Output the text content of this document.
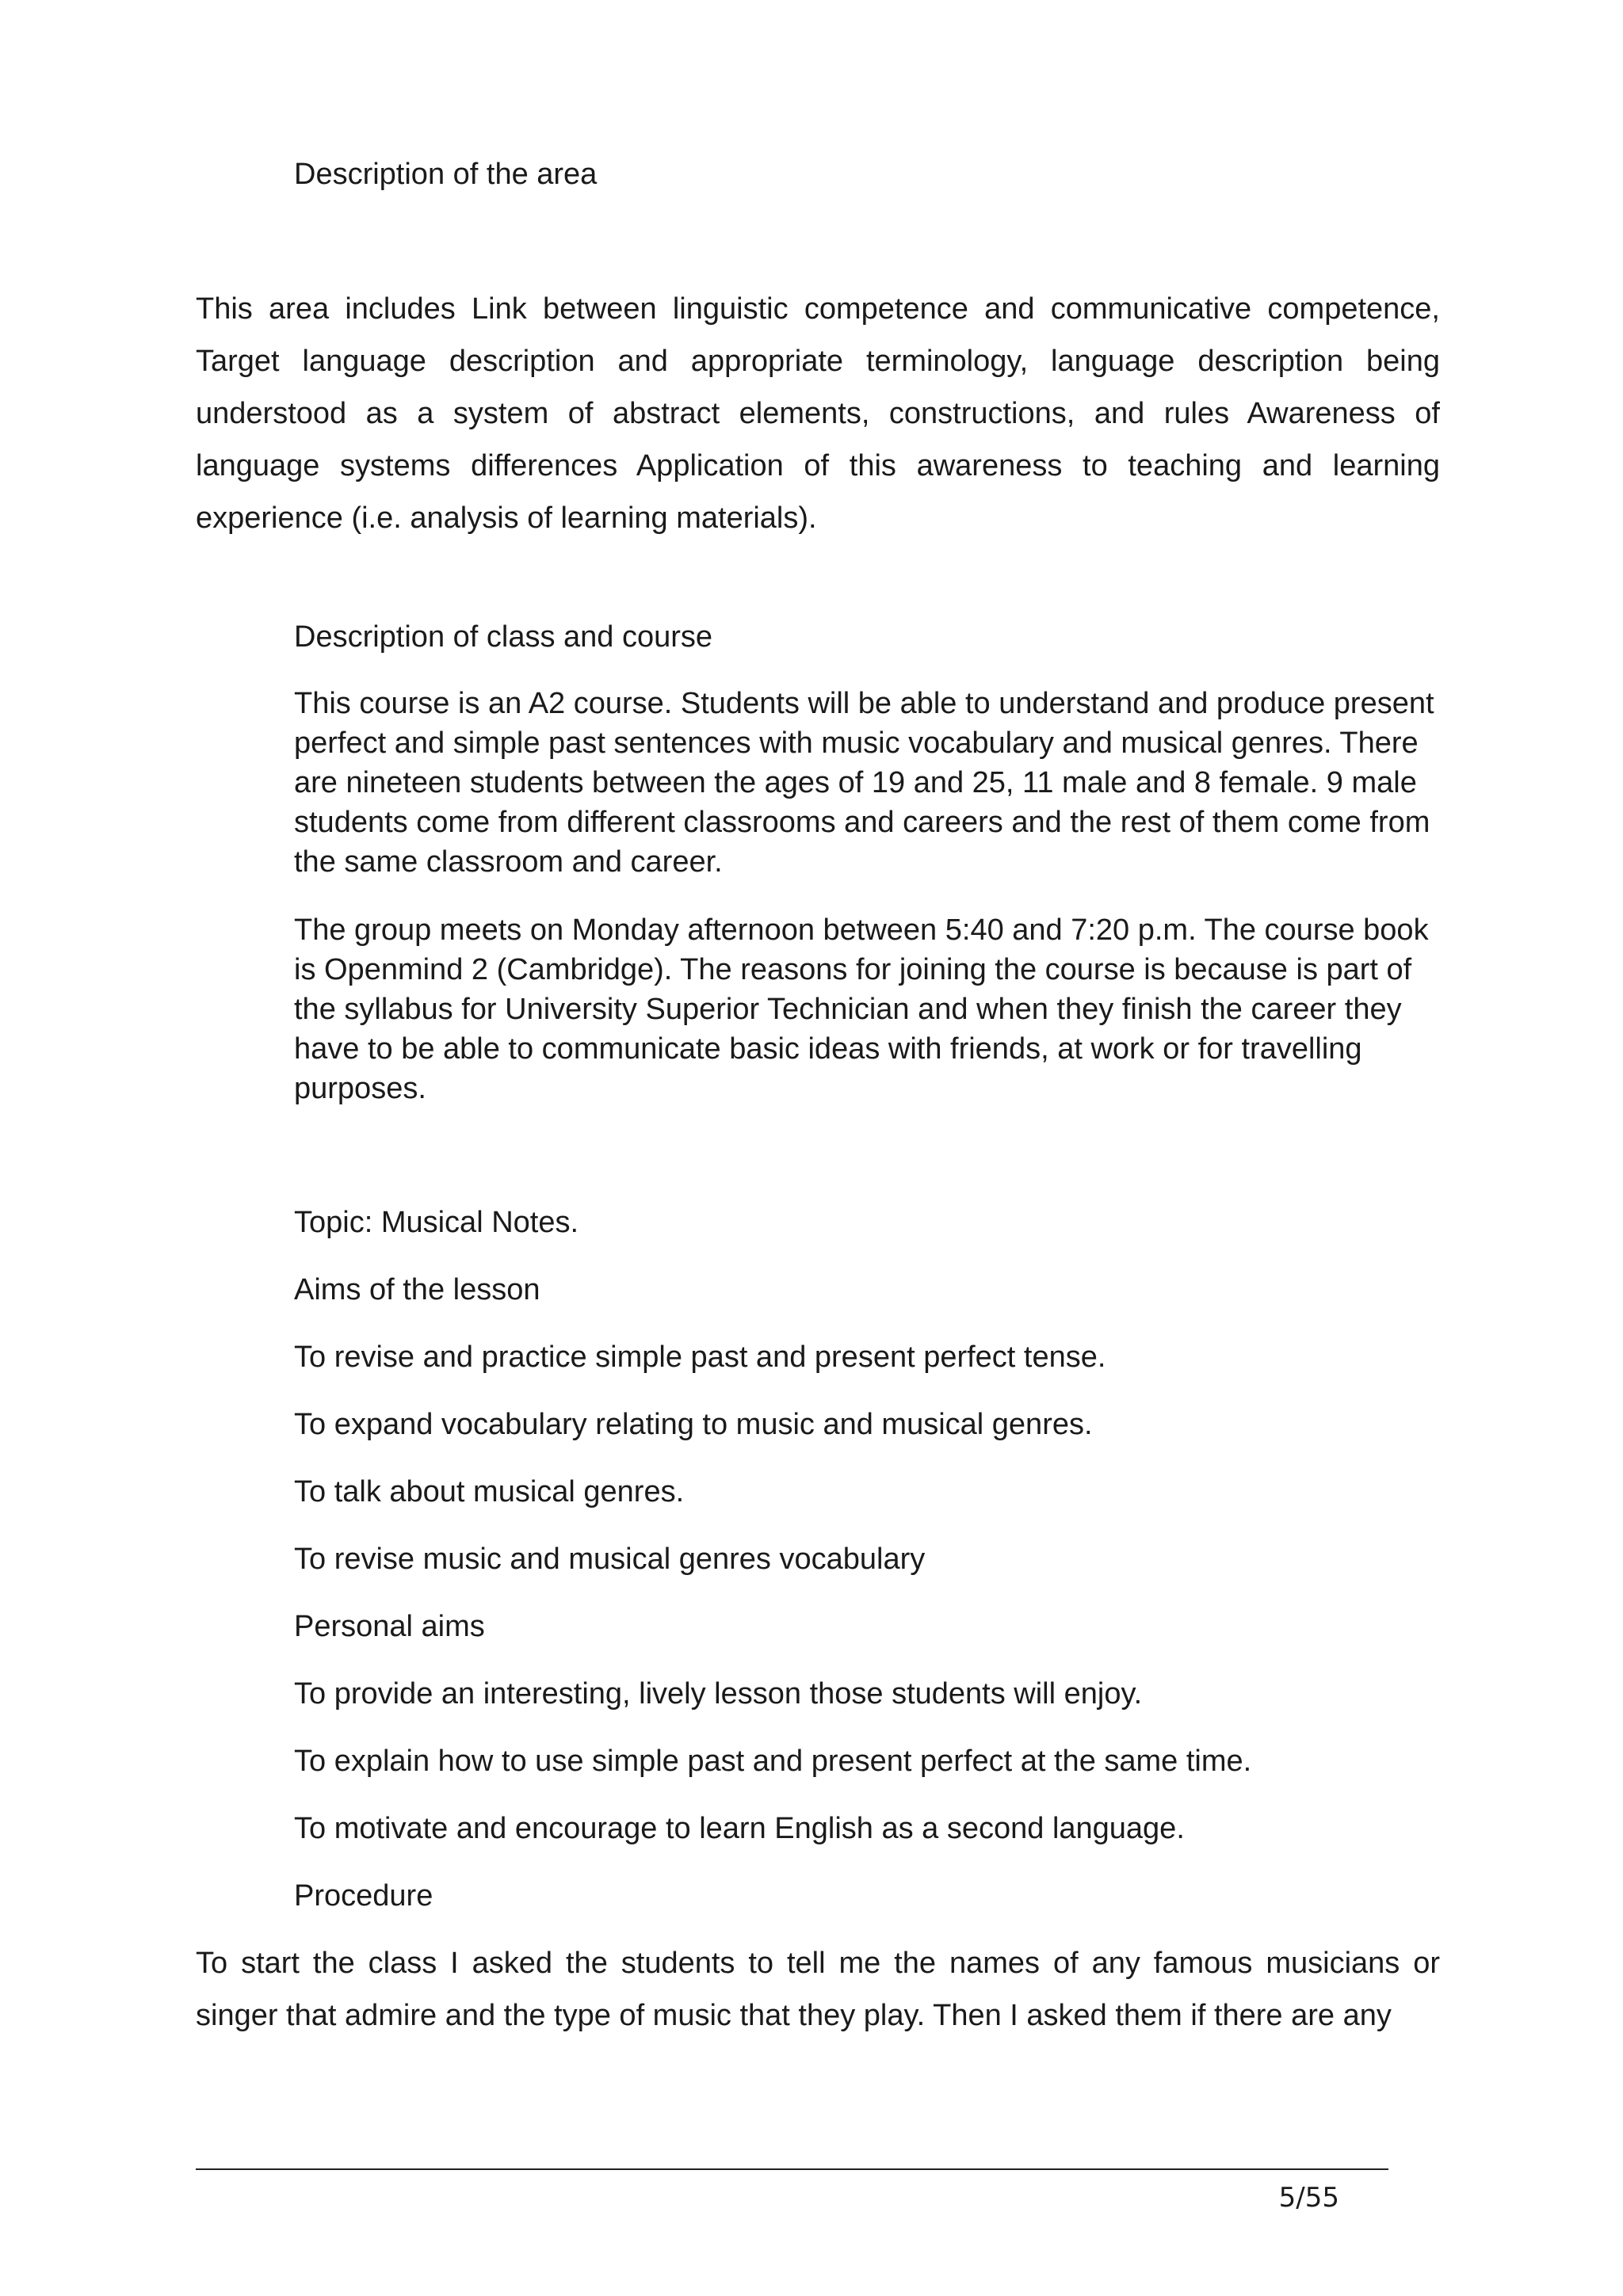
Description of the area

This area includes Link between linguistic competence and communicative competence, Target language description and appropriate terminology, language description being understood as a system of abstract elements, constructions, and rules Awareness of language systems differences Application of this awareness to teaching and learning experience (i.e. analysis of learning materials).

Description of class and course

This course is an A2 course. Students will be able to understand and produce present perfect and simple past sentences with music vocabulary and musical genres. There are nineteen students between the ages of 19 and 25, 11 male and 8 female. 9 male students come from different classrooms and careers and the rest of them come from the same classroom and career.

The group meets on Monday afternoon between 5:40 and 7:20 p.m. The course book is Openmind 2 (Cambridge). The reasons for joining the course is because is part of the syllabus for University Superior Technician and when they finish the career they have to be able to communicate basic ideas with friends, at work or for travelling purposes.

Topic: Musical Notes.

Aims of the lesson

To revise and practice simple past and present perfect tense.

To expand vocabulary relating to music and musical genres.

To talk about musical genres.

To revise music and musical genres vocabulary

Personal aims

To provide an interesting, lively lesson those students will enjoy.

To explain how to use simple past and present perfect at the same time.

To motivate and encourage to learn English as a second language.

Procedure

To start the class I asked the students to tell me the names of any famous musicians or singer that admire and the type of music that they play. Then I asked them if there are any

5/55
